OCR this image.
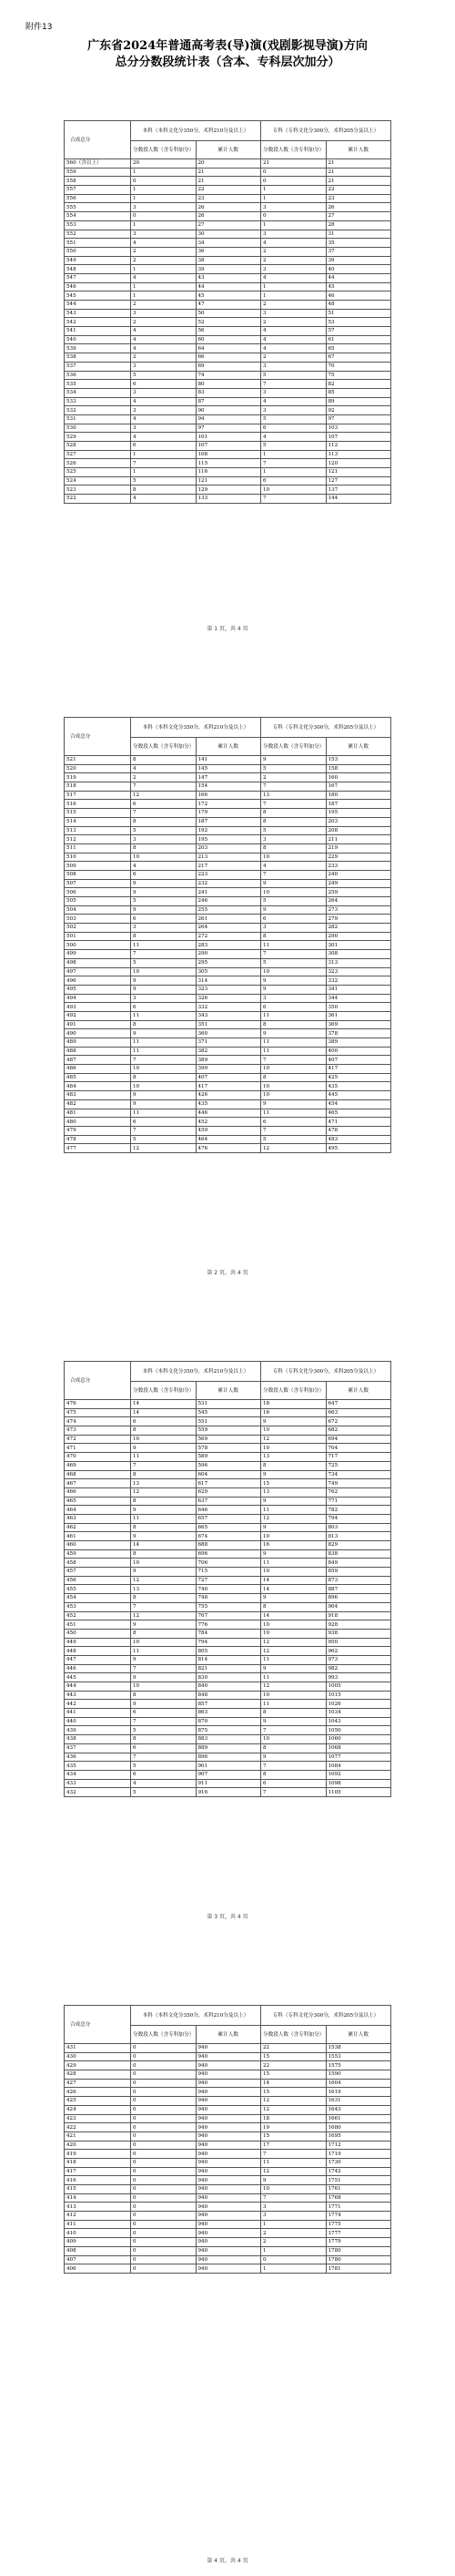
附件13
广东省2024年普通高考表(导)演(戏剧影视导演)方向
总分分数段统计表（含本、专科层次加分）
合成总分	本科（本科文化分350分，术科210分及以上）		专科（专科文化分300分，术科205分及以上）	
	分数段人数（含专科加分）	累计人数	分数段人数（含专科加分）	累计人数
560（含以上）	20	20	21	21
559	1	21	0	21
558	0	21	0	21
557	1	22	1	22
556	1	23	1	23
555	3	26	3	26
554	0	26	0	27
553	1	27	1	28
552	3	30	3	31
551	4	34	4	35
550	2	36	2	37
549	2	38	2	39
548	1	39	3	40
547	4	43	4	44
546	1	44	1	45
545	1	45	1	46
544	2	47	2	48
543	3	50	3	51
542	2	52	2	53
541	4	56	4	57
540	4	60	4	61
539	4	64	4	65
538	2	66	2	67
537	3	69	3	70
536	5	74	5	75
535	6	80	7	82
534	3	83	3	85
533	4	87	4	89
532	3	90	3	92
531	4	94	5	97
530	3	97	6	103
529	4	101	4	107
528	6	107	5	112
527	1	108	1	113
526	7	115	7	120
525	1	116	1	121
524	5	121	6	127
523	8	129	10	137
522	4	133	7	144
第 1 页，共 4 页
合成总分	本科（本科文化分350分，术科210分及以上）		专科（专科文化分300分，术科205分及以上）	
	分数段人数（含专科加分）	累计人数	分数段人数（含专科加分）	累计人数
521	8	141	9	153
520	4	145	5	158
519	2	147	2	160
518	7	154	7	167
517	12	166	13	180
516	6	172	7	187
515	7	179	8	195
514	8	187	8	203
513	5	192	5	208
512	3	195	3	211
511	8	203	8	219
510	10	213	10	229
509	4	217	4	233
508	6	223	7	240
507	9	232	9	249
506	9	241	10	259
505	5	246	5	264
504	9	255	9	273
503	6	261	6	279
502	3	264	3	282
501	8	272	8	290
500	11	283	11	301
499	7	290	7	308
498	5	295	5	313
497	10	305	10	323
496	9	314	9	332
495	9	323	9	341
494	3	326	3	344
493	6	332	6	350
492	11	343	11	361
491	8	351	8	369
490	9	360	9	378
489	11	371	11	389
488	11	382	11	400
487	7	389	7	407
486	10	399	10	417
485	8	407	8	425
484	10	417	10	435
483	9	426	10	445
482	9	435	9	454
481	11	446	11	465
480	6	452	6	471
479	7	459	7	478
478	5	464	5	483
477	12	476	12	495
第 2 页，共 4 页
合成总分	本科（本科文化分350分，术科210分及以上）		专科（专科文化分300分，术科205分及以上）	
	分数段人数（含专科加分）	累计人数	分数段人数（含专科加分）	累计人数
476	14	531	18	647
475	14	545	16	663
474	6	551	9	672
473	8	559	10	682
472	10	569	12	694
471	9	578	10	704
470	11	589	13	717
469	7	596	8	725
468	8	604	9	734
467	13	617	15	749
466	12	629	13	762
465	8	637	9	771
464	9	646	11	782
463	11	657	12	794
462	8	665	9	803
461	9	674	10	813
460	14	688	16	829
459	8	696	9	838
458	10	706	11	849
457	9	715	10	859
456	12	727	14	873
455	13	740	14	887
454	8	748	9	896
453	7	755	8	904
452	12	767	14	918
451	9	776	10	928
450	8	784	10	938
449	10	794	12	950
448	11	805	12	962
447	9	814	11	973
446	7	821	9	982
445	9	830	11	993
444	10	840	12	1005
443	8	848	10	1015
442	9	857	11	1026
441	6	863	8	1034
440	7	870	9	1043
439	5	875	7	1050
438	8	883	10	1060
437	6	889	8	1068
436	7	896	9	1077
435	5	901	7	1084
434	6	907	8	1092
433	4	911	6	1098
432	5	916	7	1105
第 3 页，共 4 页
合成总分	本科（本科文化分350分，术科210分及以上）		专科（专科文化分300分，术科205分及以上）	
	分数段人数（含专科加分）	累计人数	分数段人数（含专科加分）	累计人数
431	0	940	22	1538
430	0	940	15	1553
429	0	940	22	1575
428	0	940	15	1590
427	0	940	14	1604
426	0	940	15	1619
425	0	940	12	1631
424	0	940	12	1643
423	0	940	18	1661
422	0	940	19	1680
421	0	940	15	1695
420	0	940	17	1712
419	0	940	7	1719
418	0	940	11	1730
417	0	940	12	1742
416	0	940	9	1751
415	0	940	10	1761
414	0	940	7	1768
413	0	940	3	1771
412	0	940	3	1774
411	0	940	1	1775
410	0	940	2	1777
409	0	940	2	1779
408	0	940	1	1780
407	0	940	0	1780
406	0	940	1	1781
第 4 页，共 4 页
